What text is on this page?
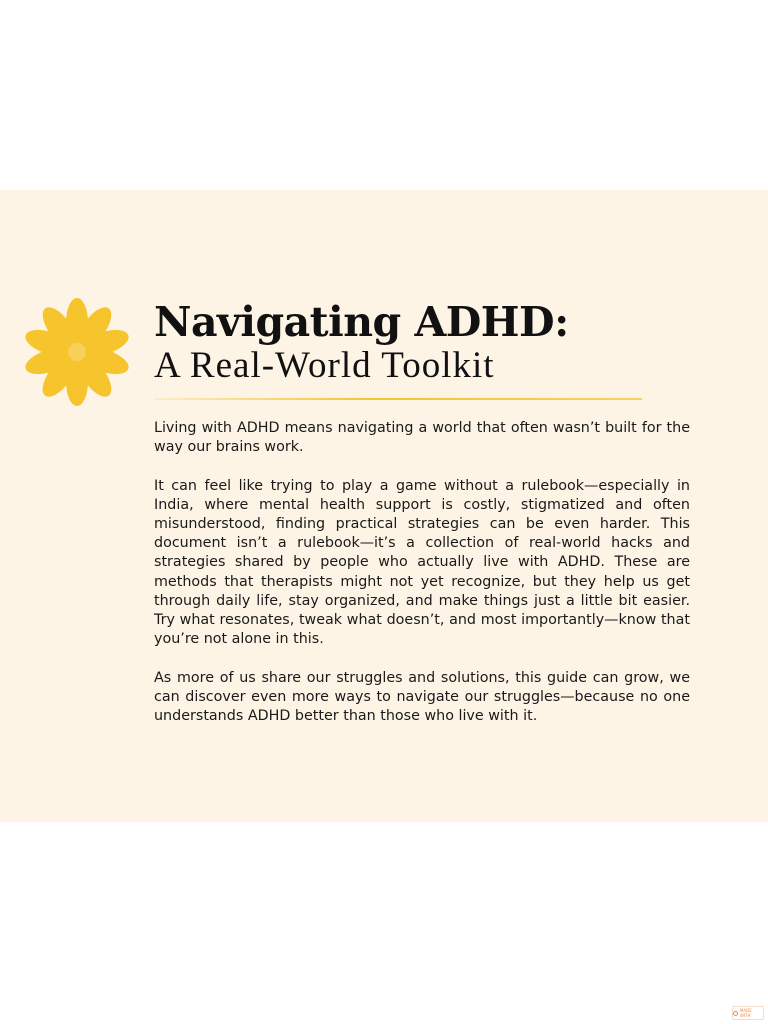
Navigating ADHD:
A Real-World Toolkit

Living with ADHD means navigating a world that often wasn’t built for the way our brains work.

It can feel like trying to play a game without a rulebook—especially in India, where mental health support is costly, stigmatized and often misunderstood, finding practical strategies can be even harder. This document isn’t a rulebook—it’s a collection of real-world hacks and strategies shared by people who actually live with ADHD. These are methods that therapists might not yet recognize, but they help us get through daily life, stay organized, and make things just a little bit easier. Try what resonates, tweak what doesn’t, and most importantly—know that you’re not alone in this.

As more of us share our struggles and solutions, this guide can grow, we can discover even more ways to navigate our struggles—because no one understands ADHD better than those who live with it.

MADE WITH
